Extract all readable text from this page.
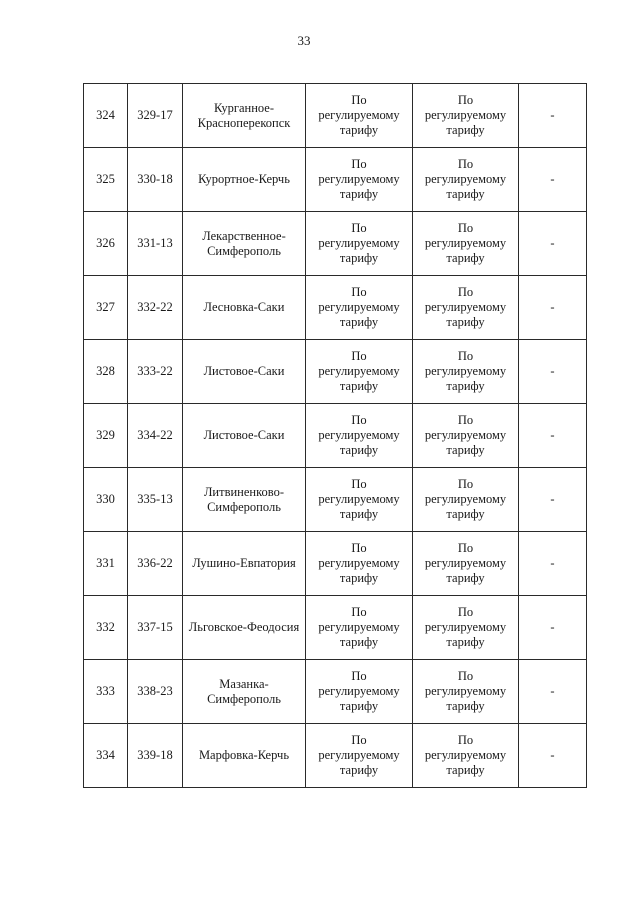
33
324	329-17	Курганное-
Красноперекопск	По
регулируемому
тарифу	По
регулируемому
тарифу	-
325	330-18	Курортное-Керчь	По
регулируемому
тарифу	По
регулируемому
тарифу	-
326	331-13	Лекарственное-
Симферополь	По
регулируемому
тарифу	По
регулируемому
тарифу	-
327	332-22	Лесновка-Саки	По
регулируемому
тарифу	По
регулируемому
тарифу	-
328	333-22	Листовое-Саки	По
регулируемому
тарифу	По
регулируемому
тарифу	-
329	334-22	Листовое-Саки	По
регулируемому
тарифу	По
регулируемому
тарифу	-
330	335-13	Литвиненково-
Симферополь	По
регулируемому
тарифу	По
регулируемому
тарифу	-
331	336-22	Лушино-Евпатория	По
регулируемому
тарифу	По
регулируемому
тарифу	-
332	337-15	Льговское-Феодосия	По
регулируемому
тарифу	По
регулируемому
тарифу	-
333	338-23	Мазанка-
Симферополь	По
регулируемому
тарифу	По
регулируемому
тарифу	-
334	339-18	Марфовка-Керчь	По
регулируемому
тарифу	По
регулируемому
тарифу	-
